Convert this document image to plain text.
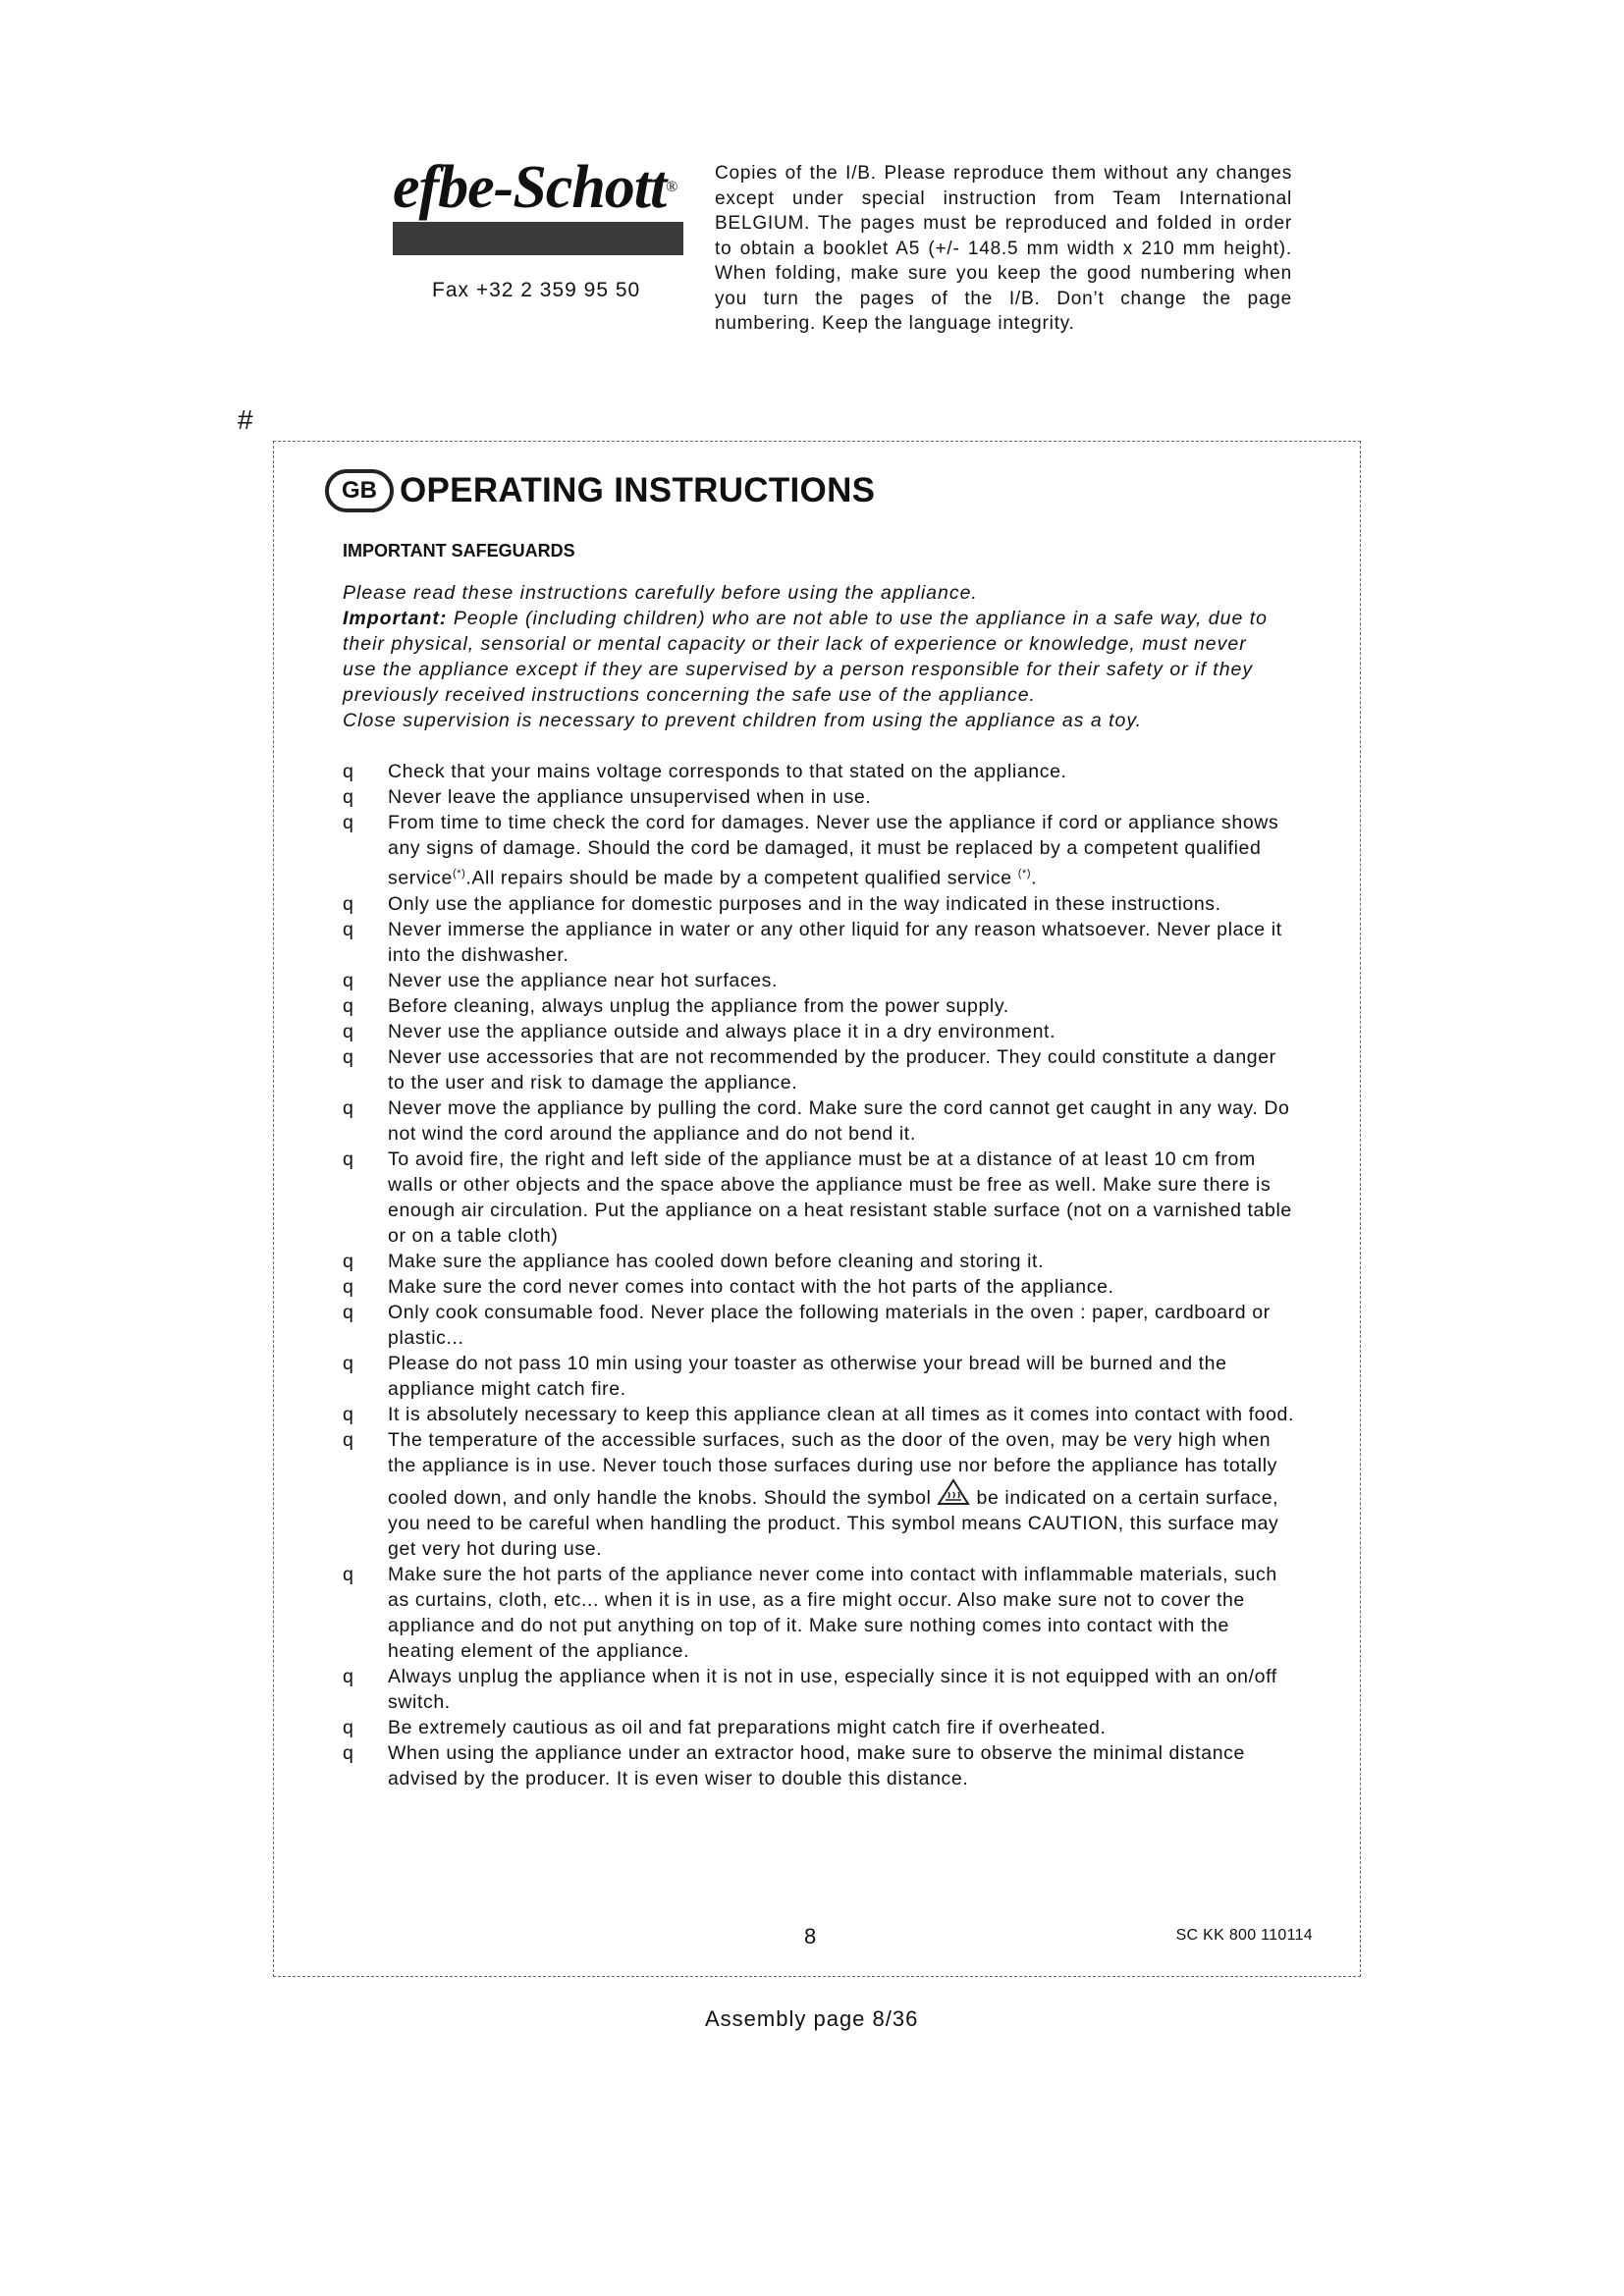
efbe-Schott®
Fax +32 2 359 95 50
Copies of the I/B. Please reproduce them without any changes except under special instruction from Team International BELGIUM. The pages must be reproduced and folded in order to obtain a booklet A5 (+/- 148.5 mm width x 210 mm height). When folding, make sure you keep the good numbering when you turn the pages of the I/B. Don’t change the page numbering. Keep the language integrity.
#
GB OPERATING INSTRUCTIONS
IMPORTANT SAFEGUARDS

Please read these instructions carefully before using the appliance.

Important: People (including children) who are not able to use the appliance in a safe way, due to their physical, sensorial or mental capacity or their lack of experience or knowledge, must never use the appliance except if they are supervised by a person responsible for their safety or if they previously received instructions concerning the safe use of the appliance.

Close supervision is necessary to prevent children from using the appliance as a toy.

q Check that your mains voltage corresponds to that stated on the appliance.
q Never leave the appliance unsupervised when in use.
q From time to time check the cord for damages. Never use the appliance if cord or appliance shows any signs of damage. Should the cord be damaged, it must be replaced by a competent qualified service(*).All repairs should be made by a competent qualified service (*).
q Only use the appliance for domestic purposes and in the way indicated in these instructions.
q Never immerse the appliance in water or any other liquid for any reason whatsoever. Never place it into the dishwasher.
q Never use the appliance near hot surfaces.
q Before cleaning, always unplug the appliance from the power supply.
q Never use the appliance outside and always place it in a dry environment.
q Never use accessories that are not recommended by the producer. They could constitute a danger to the user and risk to damage the appliance.
q Never move the appliance by pulling the cord. Make sure the cord cannot get caught in any way. Do not wind the cord around the appliance and do not bend it.
q To avoid fire, the right and left side of the appliance must be at a distance of at least 10 cm from walls or other objects and the space above the appliance must be free as well. Make sure there is enough air circulation. Put the appliance on a heat resistant stable surface (not on a varnished table or on a table cloth)
q Make sure the appliance has cooled down before cleaning and storing it.
q Make sure the cord never comes into contact with the hot parts of the appliance.
q Only cook consumable food. Never place the following materials in the oven : paper, cardboard or plastic...
q Please do not pass 10 min using your toaster as otherwise your bread will be burned and the appliance might catch fire.
q It is absolutely necessary to keep this appliance clean at all times as it comes into contact with food.
q The temperature of the accessible surfaces, such as the door of the oven, may be very high when the appliance is in use. Never touch those surfaces during use nor before the appliance has totally cooled down, and only handle the knobs. Should the symbol be indicated on a certain surface, you need to be careful when handling the product. This symbol means CAUTION, this surface may get very hot during use.
q Make sure the hot parts of the appliance never come into contact with inflammable materials, such as curtains, cloth, etc... when it is in use, as a fire might occur. Also make sure not to cover the appliance and do not put anything on top of it. Make sure nothing comes into contact with the heating element of the appliance.
q Always unplug the appliance when it is not in use, especially since it is not equipped with an on/off switch.
q Be extremely cautious as oil and fat preparations might catch fire if overheated.
q When using the appliance under an extractor hood, make sure to observe the minimal distance advised by the producer. It is even wiser to double this distance.
8	SC KK 800 110114
Assembly page 8/36
